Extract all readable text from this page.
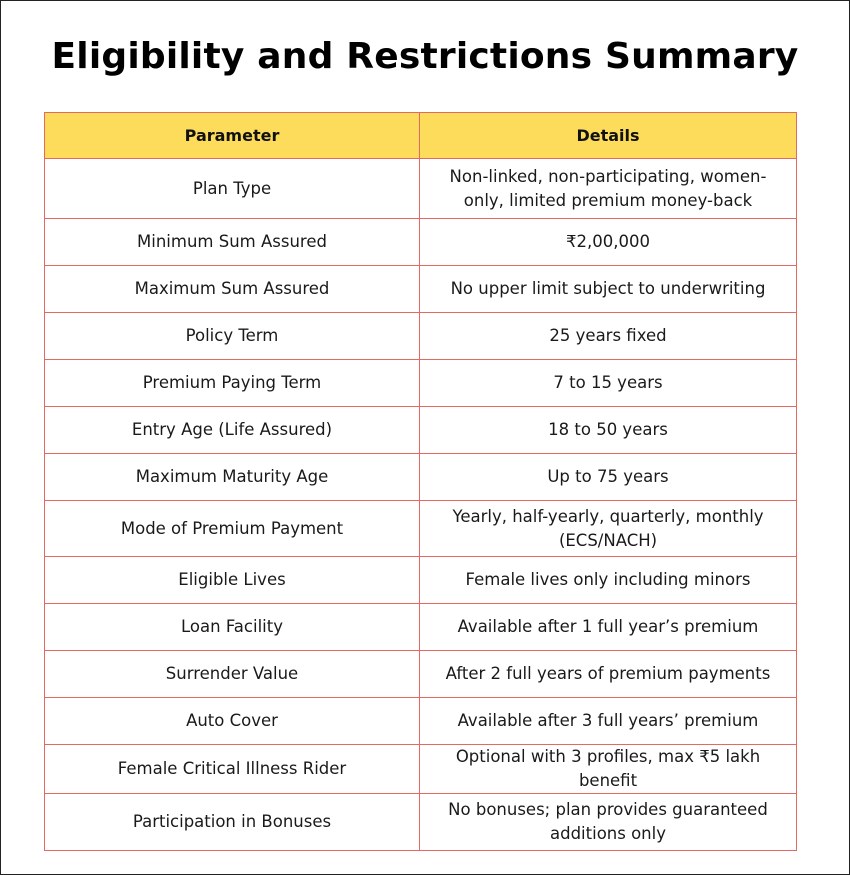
Eligibility and Restrictions Summary
Parameter	Details
Plan Type	Non-linked, non-participating, women-only, limited premium money-back
Minimum Sum Assured	₹2,00,000
Maximum Sum Assured	No upper limit subject to underwriting
Policy Term	25 years fixed
Premium Paying Term	7 to 15 years
Entry Age (Life Assured)	18 to 50 years
Maximum Maturity Age	Up to 75 years
Mode of Premium Payment	Yearly, half-yearly, quarterly, monthly (ECS/NACH)
Eligible Lives	Female lives only including minors
Loan Facility	Available after 1 full year’s premium
Surrender Value	After 2 full years of premium payments
Auto Cover	Available after 3 full years’ premium
Female Critical Illness Rider	Optional with 3 profiles, max ₹5 lakh benefit
Participation in Bonuses	No bonuses; plan provides guaranteed additions only
